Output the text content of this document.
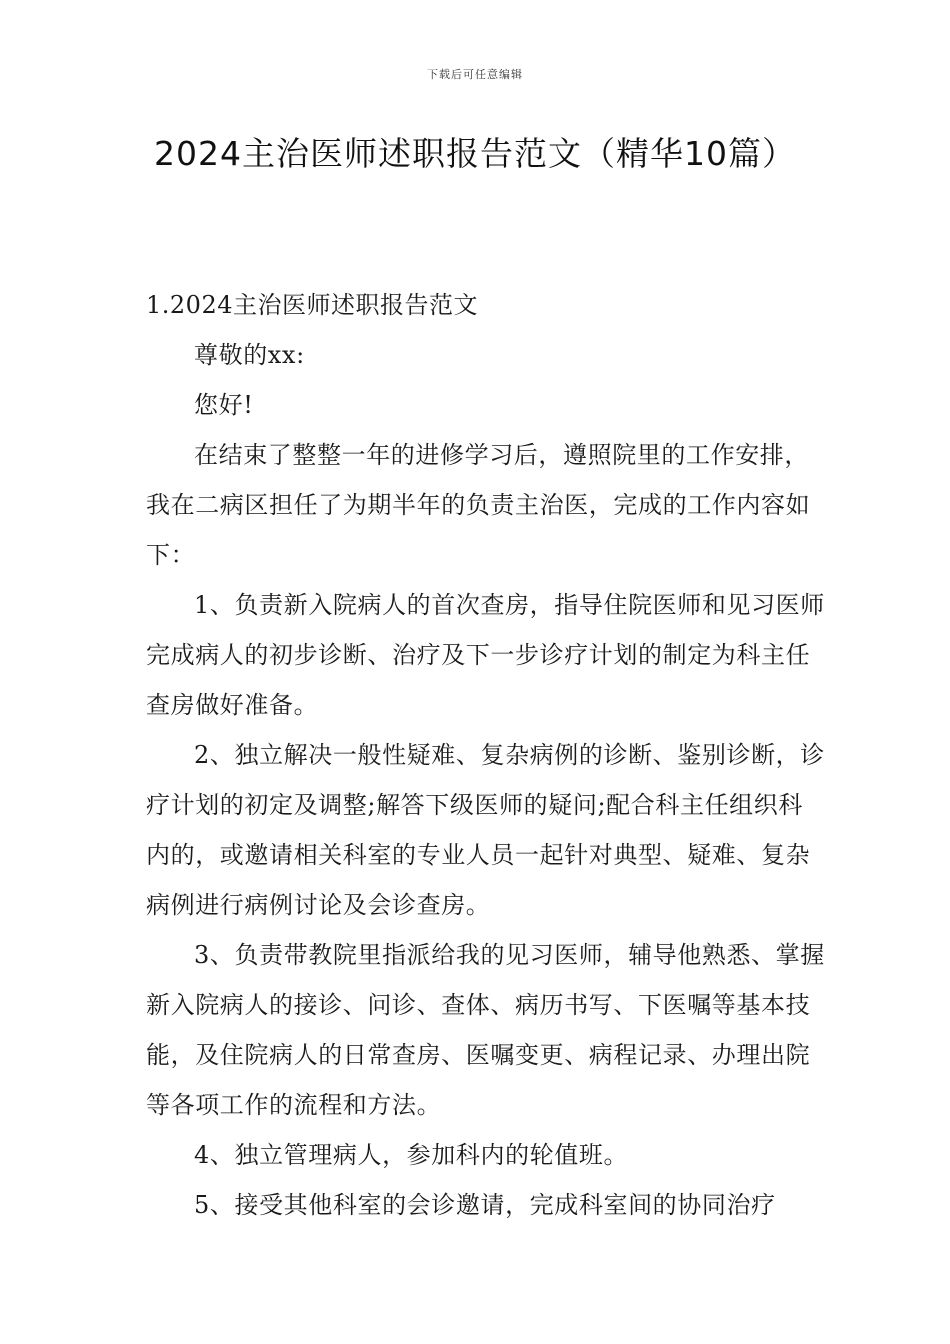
下载后可任意编辑
2024主治医师述职报告范文（精华10篇）

1.2024主治医师述职报告范文

尊敬的xx:

您好!

在结束了整整一年的进修学习后，遵照院里的工作安排，我在二病区担任了为期半年的负责主治医，完成的工作内容如下：

1、负责新入院病人的首次查房，指导住院医师和见习医师完成病人的初步诊断、治疗及下一步诊疗计划的制定为科主任查房做好准备。

2、独立解决一般性疑难、复杂病例的诊断、鉴别诊断，诊疗计划的初定及调整;解答下级医师的疑问;配合科主任组织科内的，或邀请相关科室的专业人员一起针对典型、疑难、复杂病例进行病例讨论及会诊查房。

3、负责带教院里指派给我的见习医师，辅导他熟悉、掌握新入院病人的接诊、问诊、查体、病历书写、下医嘱等基本技能，及住院病人的日常查房、医嘱变更、病程记录、办理出院等各项工作的流程和方法。

4、独立管理病人，参加科内的轮值班。

5、接受其他科室的会诊邀请，完成科室间的协同治疗
